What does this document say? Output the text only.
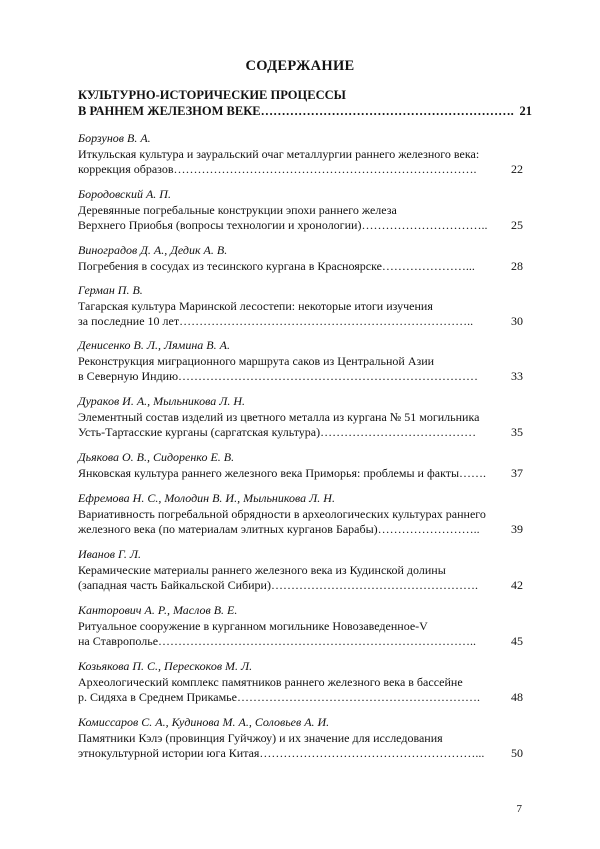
СОДЕРЖАНИЕ
КУЛЬТУРНО-ИСТОРИЧЕСКИЕ ПРОЦЕССЫ
В РАННЕМ ЖЕЛЕЗНОМ ВЕКЕ……………………………………………………. 21
Борзунов В. А.
Иткульская культура и зауральский очаг металлургии раннего железного века:
коррекция образов………………………………………………………………….	22
Бородовский А. П.
Деревянные погребальные конструкции эпохи раннего железа
Верхнего Приобья (вопросы технологии и хронологии)………………………….. 25
Виноградов Д. А., Дедик А. В.
Погребения в сосудах из тесинского кургана в Красноярске…………………...	28
Герман П. В.
Тагарская культура Маринской лесостепи: некоторые итоги изучения
за последние 10 лет………………………………………………………………..	30
Денисенко В. Л., Лямина В. А.
Реконструкция миграционного маршрута саков из Центральной Азии
в Северную Индию…………………………………………………………………	33
Дураков И. А., Мыльникова Л. Н.
Элементный состав изделий из цветного металла из кургана № 51 могильника
Усть-Тартасские курганы (саргатская культура)…………………………………	35
Дьякова О. В., Сидоренко Е. В.
Янковская культура раннего железного века Приморья: проблемы и факты……. 37
Ефремова Н. С., Молодин В. И., Мыльникова Л. Н.
Вариативность погребальной обрядности в археологических культурах раннего
железного века (по материалам элитных курганов Барабы)……………………..	39
Иванов Г. Л.
Керамические материалы раннего железного века из Кудинской долины
(западная часть Байкальской Сибири)…………………………………………….	42
Канторович А. Р., Маслов В. Е.
Ритуальное сооружение в курганном могильнике Новозаведенное-V
на Ставрополье……………………………………………………………………..	45
Козьякова П. С., Перескоков М. Л.
Археологический комплекс памятников раннего железного века в бассейне
р. Сидяха в Среднем Прикамье…………………………………………………….	48
Комиссаров С. А., Кудинова М. А., Соловьев А. И.
Памятники Кэлэ (провинция Гуйчжоу) и их значение для исследования
этнокультурной истории юга Китая………………………………………………... 50
7
